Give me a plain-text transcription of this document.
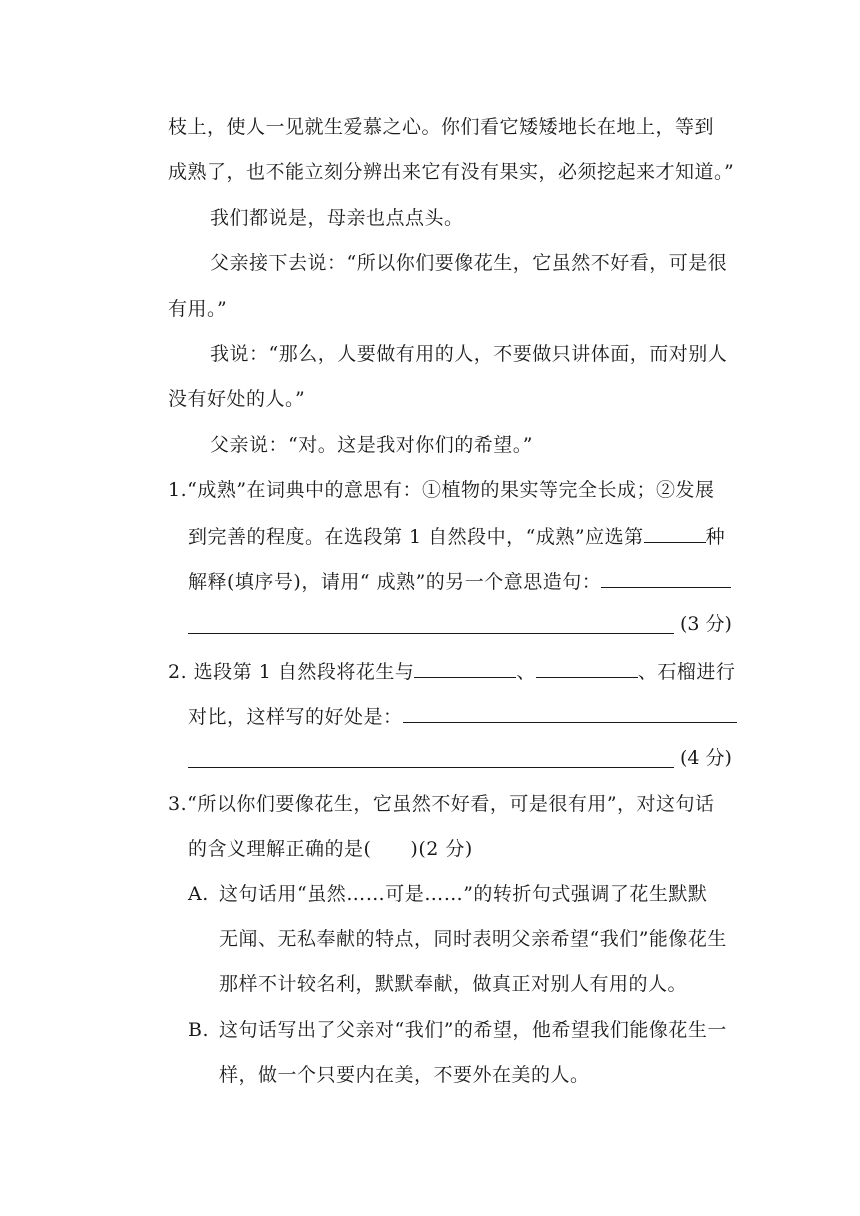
枝上，使人一见就生爱慕之心。你们看它矮矮地长在地上，等到
成熟了，也不能立刻分辨出来它有没有果实，必须挖起来才知道。”
我们都说是，母亲也点点头。
父亲接下去说：“所以你们要像花生，它虽然不好看，可是很
有用。”
我说：“那么，人要做有用的人，不要做只讲体面，而对别人
没有好处的人。”
父亲说：“对。这是我对你们的希望。”
1.“成熟”在词典中的意思有：①植物的果实等完全长成；②发展
到完善的程度。在选段第 1 自然段中，“成熟”应选第	种
解释(填序号)，请用“ 成熟”的另一个意思造句：
(3 分)
2. 选段第 1 自然段将花生与	、	、石榴进行
对比，这样写的好处是：
(4 分)
3.“所以你们要像花生，它虽然不好看，可是很有用”，对这句话
的含义理解正确的是(　　)(2 分)
A. 这句话用“虽然……可是……”的转折句式强调了花生默默
无闻、无私奉献的特点，同时表明父亲希望“我们”能像花生
那样不计较名利，默默奉献，做真正对别人有用的人。
B. 这句话写出了父亲对“我们”的希望，他希望我们能像花生一
样，做一个只要内在美，不要外在美的人。
